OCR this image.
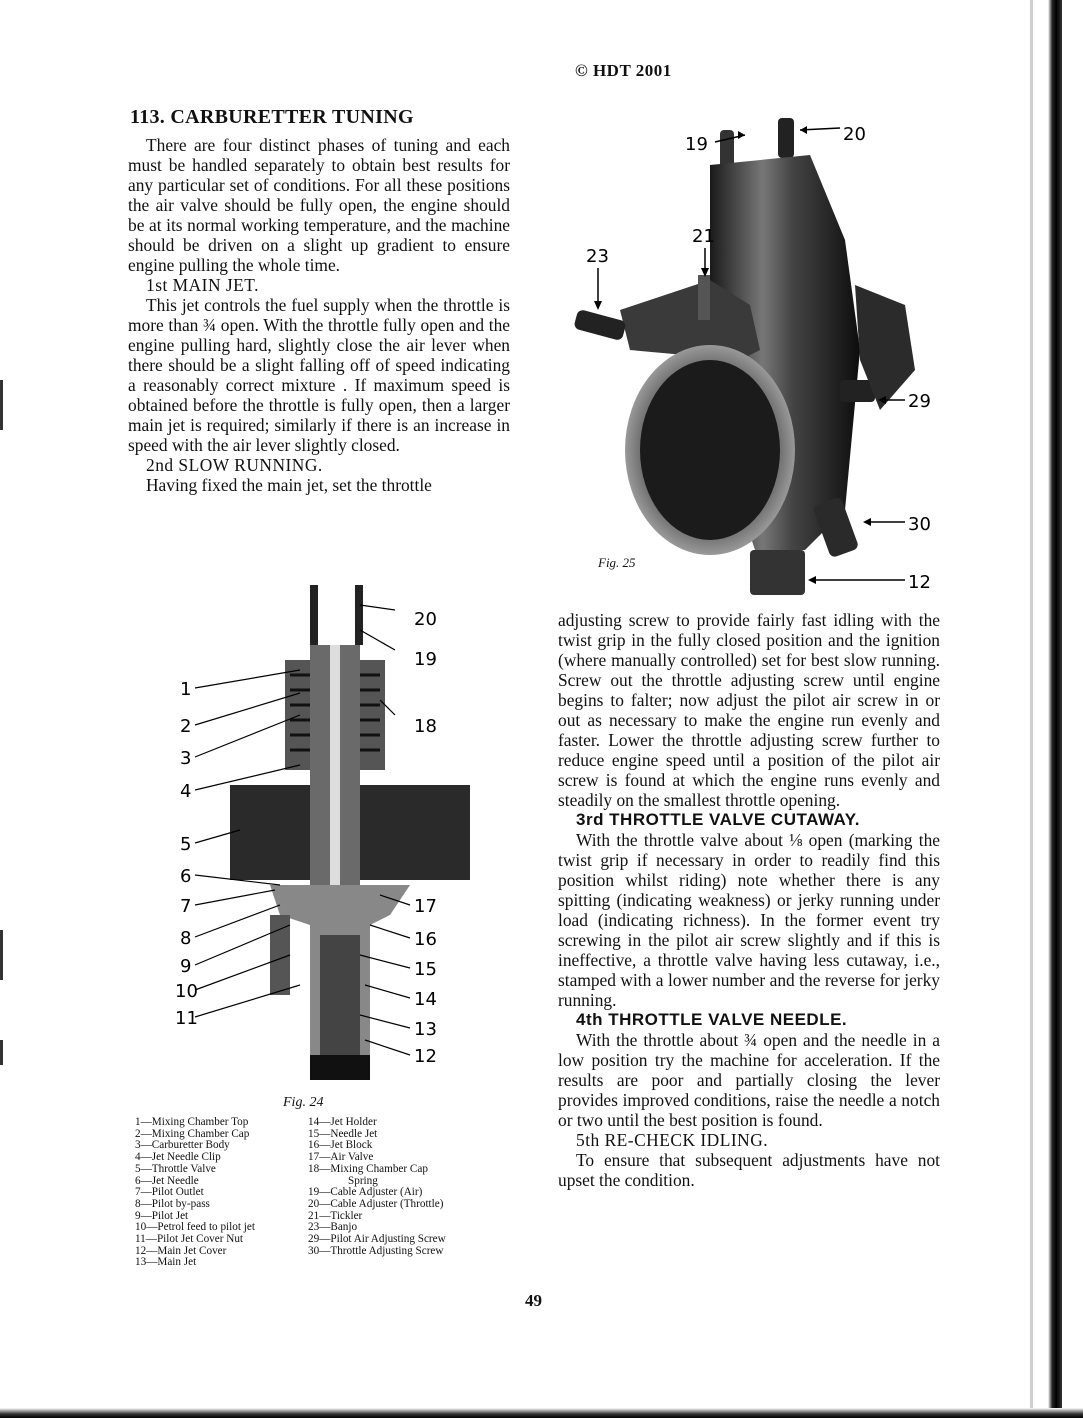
© HDT 2001
113. CARBURETTER TUNING

There are four distinct phases of tuning and each must be handled separately to obtain best results for any particular set of conditions. For all these positions the air valve should be fully open, the engine should be at its normal working temperature, and the machine should be driven on a slight up gradient to ensure engine pulling the whole time.

1st MAIN JET.

This jet controls the fuel supply when the throttle is more than ¾ open. With the throttle fully open and the engine pulling hard, slightly close the air lever when there should be a slight falling off of speed indicating a reasonably correct mixture . If maximum speed is obtained before the throttle is fully open, then a larger main jet is required; similarly if there is an increase in speed with the air lever slightly closed.

2nd SLOW RUNNING.

Having fixed the main jet, set the throttle

19	20
21
23
29
30
12
Fig. 25
1
2
3
4
5
6
7
8
9
10
11
12
13
14
15
16
17
18
19
20
Fig. 24
1—Mixing Chamber Top
2—Mixing Chamber Cap
3—Carburetter Body
4—Jet Needle Clip
5—Throttle Valve
6—Jet Needle
7—Pilot Outlet
8—Pilot by-pass
9—Pilot Jet
10—Petrol feed to pilot jet
11—Pilot Jet Cover Nut
12—Main Jet Cover
13—Main Jet
14—Jet Holder
15—Needle Jet
16—Jet Block
17—Air Valve
18—Mixing Chamber Cap
Spring
19—Cable Adjuster (Air)
20—Cable Adjuster (Throttle)
21—Tickler
23—Banjo
29—Pilot Air Adjusting Screw
30—Throttle Adjusting Screw

adjusting screw to provide fairly fast idling with the twist grip in the fully closed position and the ignition (where manually controlled) set for best slow running. Screw out the throttle adjusting screw until engine begins to falter; now adjust the pilot air screw in or out as necessary to make the engine run evenly and faster. Lower the throttle adjusting screw further to reduce engine speed until a position of the pilot air screw is found at which the engine runs evenly and steadily on the smallest throttle opening.

3rd THROTTLE VALVE CUTAWAY.

With the throttle valve about ⅛ open (marking the twist grip if necessary in order to readily find this position whilst riding) note whether there is any spitting (indicating weakness) or jerky running under load (indicating richness). In the former event try screwing in the pilot air screw slightly and if this is ineffective, a throttle valve having less cutaway, i.e., stamped with a lower number and the reverse for jerky running.

4th THROTTLE VALVE NEEDLE.

With the throttle about ¾ open and the needle in a low position try the machine for acceleration. If the results are poor and partially closing the lever provides improved conditions, raise the needle a notch or two until the best position is found.

5th RE-CHECK IDLING.

To ensure that subsequent adjustments have not upset the condition.

49
